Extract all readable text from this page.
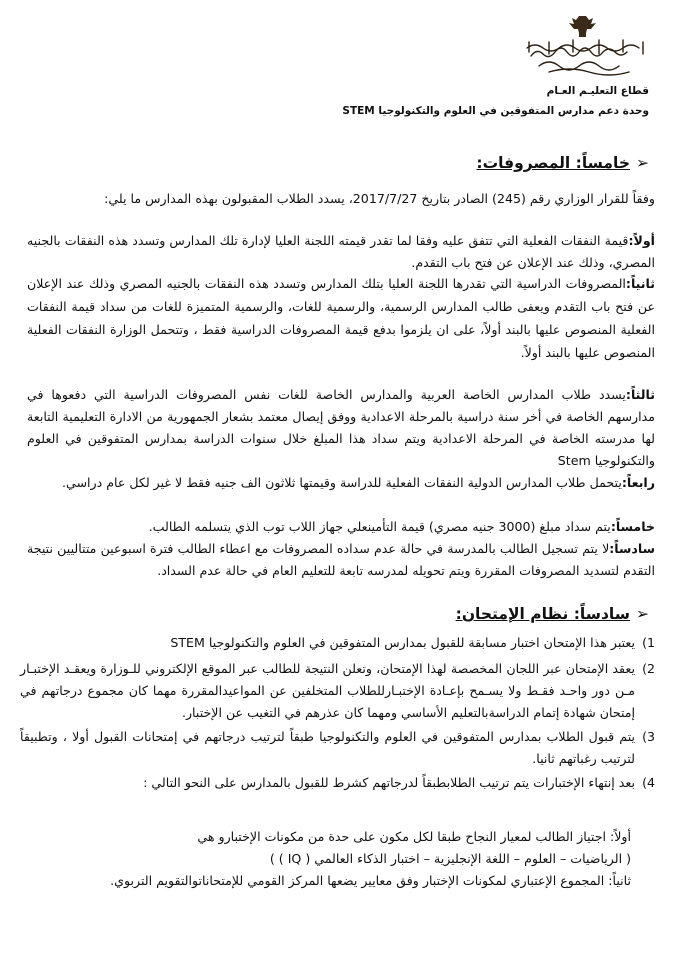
قطاع التعليـم العـام
وحدة دعم مدارس المتفوقين في العلوم والتكنولوجيا STEM
➢خامساً: المصروفات:
وفقاً للقرار الوزاري رقم (245) الصادر بتاريخ 2017/7/27، يسدد الطلاب المقبولون بهذه المدارس ما يلي:
أولاً:قيمة النفقات الفعلية التي تتفق عليه وفقا لما تقدر قيمته اللجنة العليا لإدارة تلك المدارس وتسدد هذه النفقات بالجنيه المصري، وذلك عند الإعلان عن فتح باب التقدم.
ثانياً:المصروفات الدراسية التي تقدرها اللجنة العليا بتلك المدارس وتسدد هذه النفقات بالجنيه المصري وذلك عند الإعلان عن فتح باب التقدم ويعفى طالب المدارس الرسمية، والرسمية للغات، والرسمية المتميزة للغات من سداد قيمة النفقات الفعلية المنصوص عليها بالبند أولاً، على ان يلزموا بدفع قيمة المصروفات الدراسية فقط ، وتتحمل الوزارة النفقات الفعلية المنصوص عليها بالبند أولاً.
ثالثاً:يسدد طلاب المدارس الخاصة العربية والمدارس الخاصة للغات نفس المصروفات الدراسية التي دفعوها في مدارسهم الخاصة في أخر سنة دراسية بالمرحلة الاعدادية ووفق إيصال معتمد بشعار الجمهورية من الادارة التعليمية التابعة لها مدرسته الخاصة في المرحلة الاعدادية ويتم سداد هذا المبلغ خلال سنوات الدراسة بمدارس المتفوقين في العلوم والتكنولوجيا Stem
رابعاً:يتحمل طلاب المدارس الدولية النفقات الفعلية للدراسة وقيمتها ثلاثون الف جنيه فقط لا غير لكل عام دراسي.
خامساً:يتم سداد مبلغ (3000 جنيه مصري) قيمة التأمينعلي جهاز اللاب توب الذي يتسلمه الطالب.
سادساً:لا يتم تسجيل الطالب بالمدرسة في حالة عدم سداده المصروفات مع اعطاء الطالب فترة اسبوعين متتاليين نتيجة التقدم لتسديد المصروفات المقررة ويتم تحويله لمدرسه تابعة للتعليم العام في حالة عدم السداد.
➢سادساً: نظام الإمتحان:
1)
يعتبر هذا الإمتحان اختبار مسابقة للقبول بمدارس المتفوقين في العلوم والتكنولوجيا STEM
2)
يعقد الإمتحان عبر اللجان المخصصة لهذا الإمتحان، وتعلن النتيجة للطالب عبر الموقع الإلكتروني للـوزارة ويعقـد الإختبـار مـن دور واحـد فقـط ولا يسـمح بإعـادة الإختبـارللطلاب المتخلفين عن المواعيدالمقررة مهما كان مجموع درجاتهم في إمتحان شهادة إتمام الدراسةبالتعليم الأساسي ومهما كان عذرهم في التغيب عن الإختبار.
3)
يتم قبول الطلاب بمدارس المتفوقين في العلوم والتكنولوجيا طبقاً لترتيب درجاتهم في إمتحانات القبول أولا ، وتطبيقاً لترتيب رغباتهم ثانيا.
4)
بعد إنتهاء الإختبارات يتم ترتيب الطلابطبقاً لدرجاتهم كشرط للقبول بالمدارس على النحو التالي :
أولاً: اجتياز الطالب لمعيار النجاح طبقا لكل مكون على حدة من مكونات الإختبارو هي
( الرياضيات – العلوم – اللغة الإنجليزية – اختبار الذكاء العالمي ( IQ ) )
ثانياً: المجموع الإعتباري لمكونات الإختبار وفق معايير يضعها المركز القومي للإمتحاناتوالتقويم التربوي.
